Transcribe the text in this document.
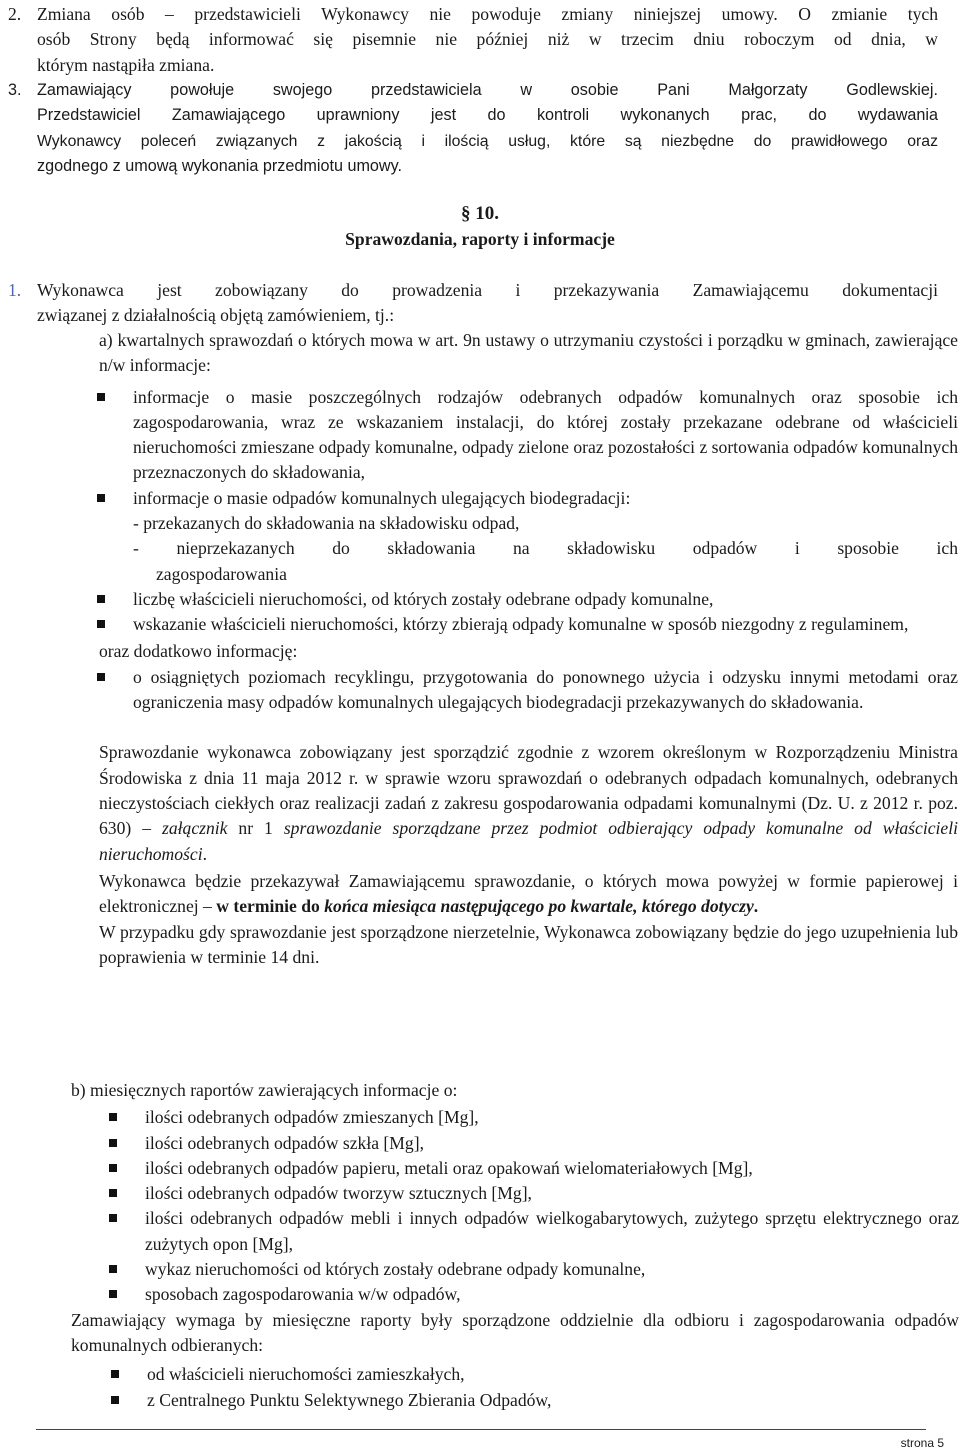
2. Zmiana osób – przedstawicieli Wykonawcy nie powoduje zmiany niniejszej umowy. O zmianie tych

osób Strony będą informować się pisemnie nie później niż w trzecim dniu roboczym od dnia, w

którym nastąpiła zmiana.

3. Zamawiający powołuje swojego przedstawiciela w osobie Pani Małgorzaty Godlewskiej.

Przedstawiciel Zamawiającego uprawniony jest do kontroli wykonanych prac, do wydawania

Wykonawcy poleceń związanych z jakością i ilością usług, które są niezbędne do prawidłowego oraz

zgodnego z umową wykonania przedmiotu umowy.

§ 10.

Sprawozdania, raporty i informacje

1. Wykonawca jest zobowiązany do prowadzenia i przekazywania Zamawiającemu dokumentacji

związanej z działalnością objętą zamówieniem, tj.:

a) kwartalnych sprawozdań o których mowa w art. 9n ustawy o utrzymaniu czystości i porządku w gminach, zawierające n/w informacje:

informacje o masie poszczególnych rodzajów odebranych odpadów komunalnych oraz sposobie ich zagospodarowania, wraz ze wskazaniem instalacji, do której zostały przekazane odebrane od właścicieli nieruchomości zmieszane odpady komunalne, odpady zielone oraz pozostałości z sortowania odpadów komunalnych przeznaczonych do składowania,
informacje o masie odpadów komunalnych ulegających biodegradacji:

- przekazanych do składowania na składowisku odpad,

- nieprzekazanych do składowania na składowisku odpadów i sposobie ich

zagospodarowania

liczbę właścicieli nieruchomości, od których zostały odebrane odpady komunalne,
wskazanie właścicieli nieruchomości, którzy zbierają odpady komunalne w sposób niezgodny z regulaminem,

oraz dodatkowo informację:

o osiągniętych poziomach recyklingu, przygotowania do ponownego użycia i odzysku innymi metodami oraz ograniczenia masy odpadów komunalnych ulegających biodegradacji przekazywanych do składowania.

Sprawozdanie wykonawca zobowiązany jest sporządzić zgodnie z wzorem określonym w Rozporządzeniu Ministra Środowiska z dnia 11 maja 2012 r. w sprawie wzoru sprawozdań o odebranych odpadach komunalnych, odebranych nieczystościach ciekłych oraz realizacji zadań z zakresu gospodarowania odpadami komunalnymi (Dz. U. z 2012 r. poz. 630) – załącznik nr 1 sprawozdanie sporządzane przez podmiot odbierający odpady komunalne od właścicieli nieruchomości.

Wykonawca będzie przekazywał Zamawiającemu sprawozdanie, o których mowa powyżej w formie papierowej i elektronicznej – w terminie do końca miesiąca następującego po kwartale, którego dotyczy.

W przypadku gdy sprawozdanie jest sporządzone nierzetelnie, Wykonawca zobowiązany będzie do jego uzupełnienia lub poprawienia w terminie 14 dni.

b) miesięcznych raportów zawierających informacje o:

ilości odebranych odpadów zmieszanych [Mg],
ilości odebranych odpadów szkła [Mg],
ilości odebranych odpadów papieru, metali oraz opakowań wielomateriałowych [Mg],
ilości odebranych odpadów tworzyw sztucznych [Mg],
ilości odebranych odpadów mebli i innych odpadów wielkogabarytowych, zużytego sprzętu elektrycznego oraz zużytych opon [Mg],
wykaz nieruchomości od których zostały odebrane odpady komunalne,
sposobach zagospodarowania w/w odpadów,

Zamawiający wymaga by miesięczne raporty były sporządzone oddzielnie dla odbioru i zagospodarowania odpadów komunalnych odbieranych:

od właścicieli nieruchomości zamieszkałych,
z Centralnego Punktu Selektywnego Zbierania Odpadów,
strona 5
